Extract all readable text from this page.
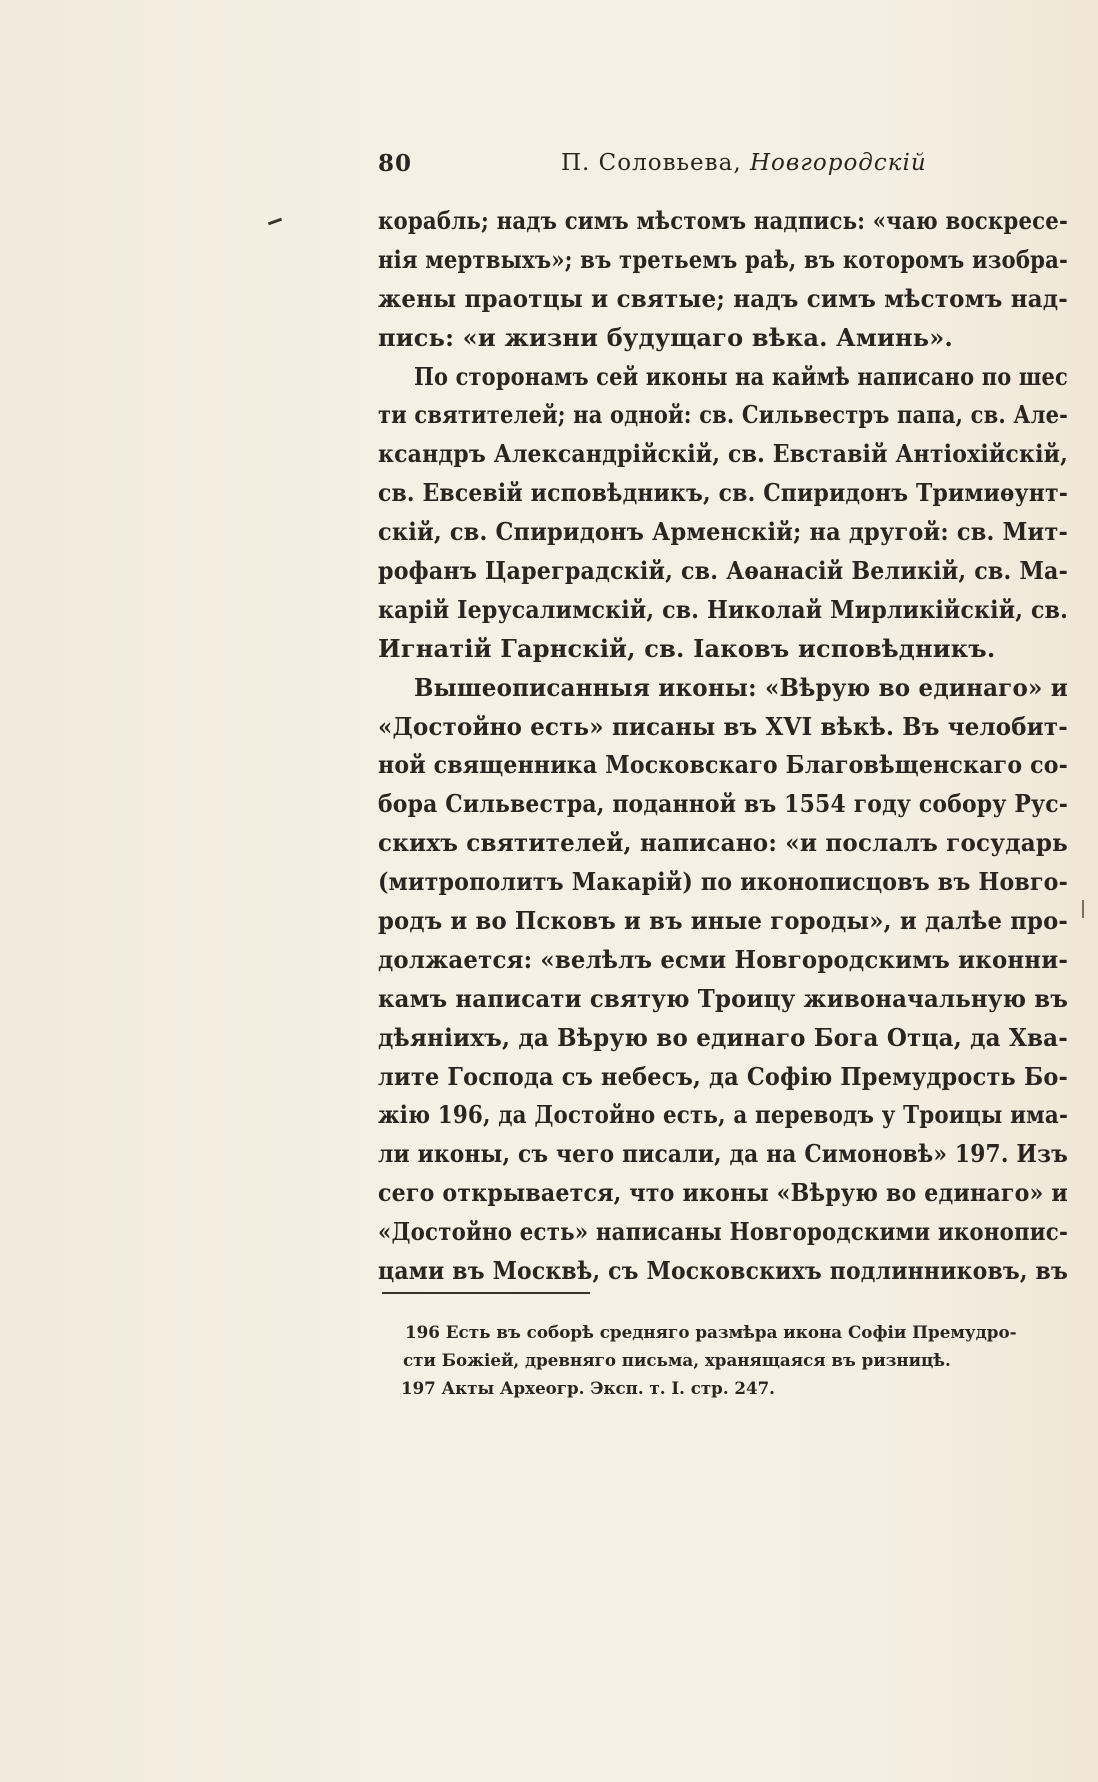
80	П. Соловьева, Новгородскій
корабль; надъ симъ мѣстомъ надпись: «чаю воскресе-
нія мертвыхъ»; въ третьемъ раѣ, въ которомъ изобра-
жены праотцы и святые; надъ симъ мѣстомъ над-
пись: «и жизни будущаго вѣка. Аминь».
По сторонамъ сей иконы на каймѣ написано по шес
ти святителей; на одной: св. Сильвестръ папа, св. Але-
ксандръ Александрійскій, св. Евставій Антіохійскій,
св. Евсевій исповѣдникъ, св. Спиридонъ Тримиѳунт-
скій, св. Спиридонъ Арменскій; на другой: св. Мит-
рофанъ Цареградскій, св. Аѳанасій Великій, св. Ма-
карій Іерусалимскій, св. Николай Мирликійскій, св.
Игнатій Гарнскій, св. Іаковъ исповѣдникъ.
Вышеописанныя иконы: «Вѣрую во единаго» и
«Достойно есть» писаны въ XVI вѣкѣ. Въ челобит-
ной священника Московскаго Благовѣщенскаго со-
бора Сильвестра, поданной въ 1554 году собору Рус-
скихъ святителей, написано: «и послалъ государь
(митрополитъ Макарій) по иконописцовъ въ Новго-
родъ и во Псковъ и въ иные городы», и далѣе про-
должается: «велѣлъ есми Новгородскимъ иконни-
камъ написати святую Троицу живоначальную въ
дѣяніихъ, да Вѣрую во единаго Бога Отца, да Хва-
лите Господа съ небесъ, да Софію Премудрость Бо-
жію 196, да Достойно есть, а переводъ у Троицы има-
ли иконы, съ чего писали, да на Симоновѣ» 197. Изъ
сего открывается, что иконы «Вѣрую во единаго» и
«Достойно есть» написаны Новгородскими иконопис-
цами въ Москвѣ, съ Московскихъ подлинниковъ, въ
196 Есть въ соборѣ средняго размѣра икона Софіи Премудро-
сти Божіей, древняго письма, хранящаяся въ ризницѣ.
197 Акты Археогр. Эксп. т. I. стр. 247.
